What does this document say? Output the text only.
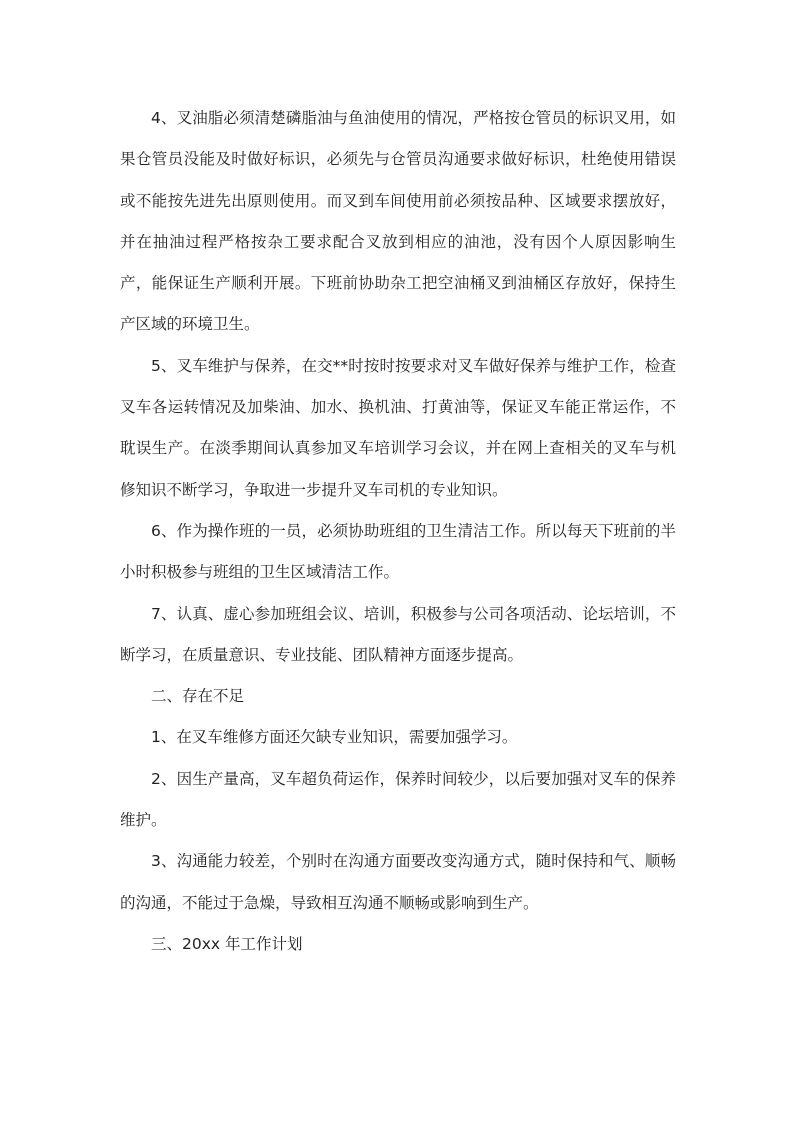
4、叉油脂必须清楚磷脂油与鱼油使用的情况，严格按仓管员的标识叉用，如果仓管员没能及时做好标识，必须先与仓管员沟通要求做好标识，杜绝使用错误或不能按先进先出原则使用。而叉到车间使用前必须按品种、区域要求摆放好，并在抽油过程严格按杂工要求配合叉放到相应的油池，没有因个人原因影响生产，能保证生产顺利开展。下班前协助杂工把空油桶叉到油桶区存放好，保持生产区域的环境卫生。

5、叉车维护与保养，在交**时按时按要求对叉车做好保养与维护工作，检查叉车各运转情况及加柴油、加水、换机油、打黄油等，保证叉车能正常运作，不耽误生产。在淡季期间认真参加叉车培训学习会议，并在网上查相关的叉车与机修知识不断学习，争取进一步提升叉车司机的专业知识。

6、作为操作班的一员，必须协助班组的卫生清洁工作。所以每天下班前的半小时积极参与班组的卫生区域清洁工作。

7、认真、虚心参加班组会议、培训，积极参与公司各项活动、论坛培训，不断学习，在质量意识、专业技能、团队精神方面逐步提高。

二、存在不足

1、在叉车维修方面还欠缺专业知识，需要加强学习。

2、因生产量高，叉车超负荷运作，保养时间较少，以后要加强对叉车的保养维护。

3、沟通能力较差，个别时在沟通方面要改变沟通方式，随时保持和气、顺畅的沟通，不能过于急燥，导致相互沟通不顺畅或影响到生产。

三、20xx 年工作计划
